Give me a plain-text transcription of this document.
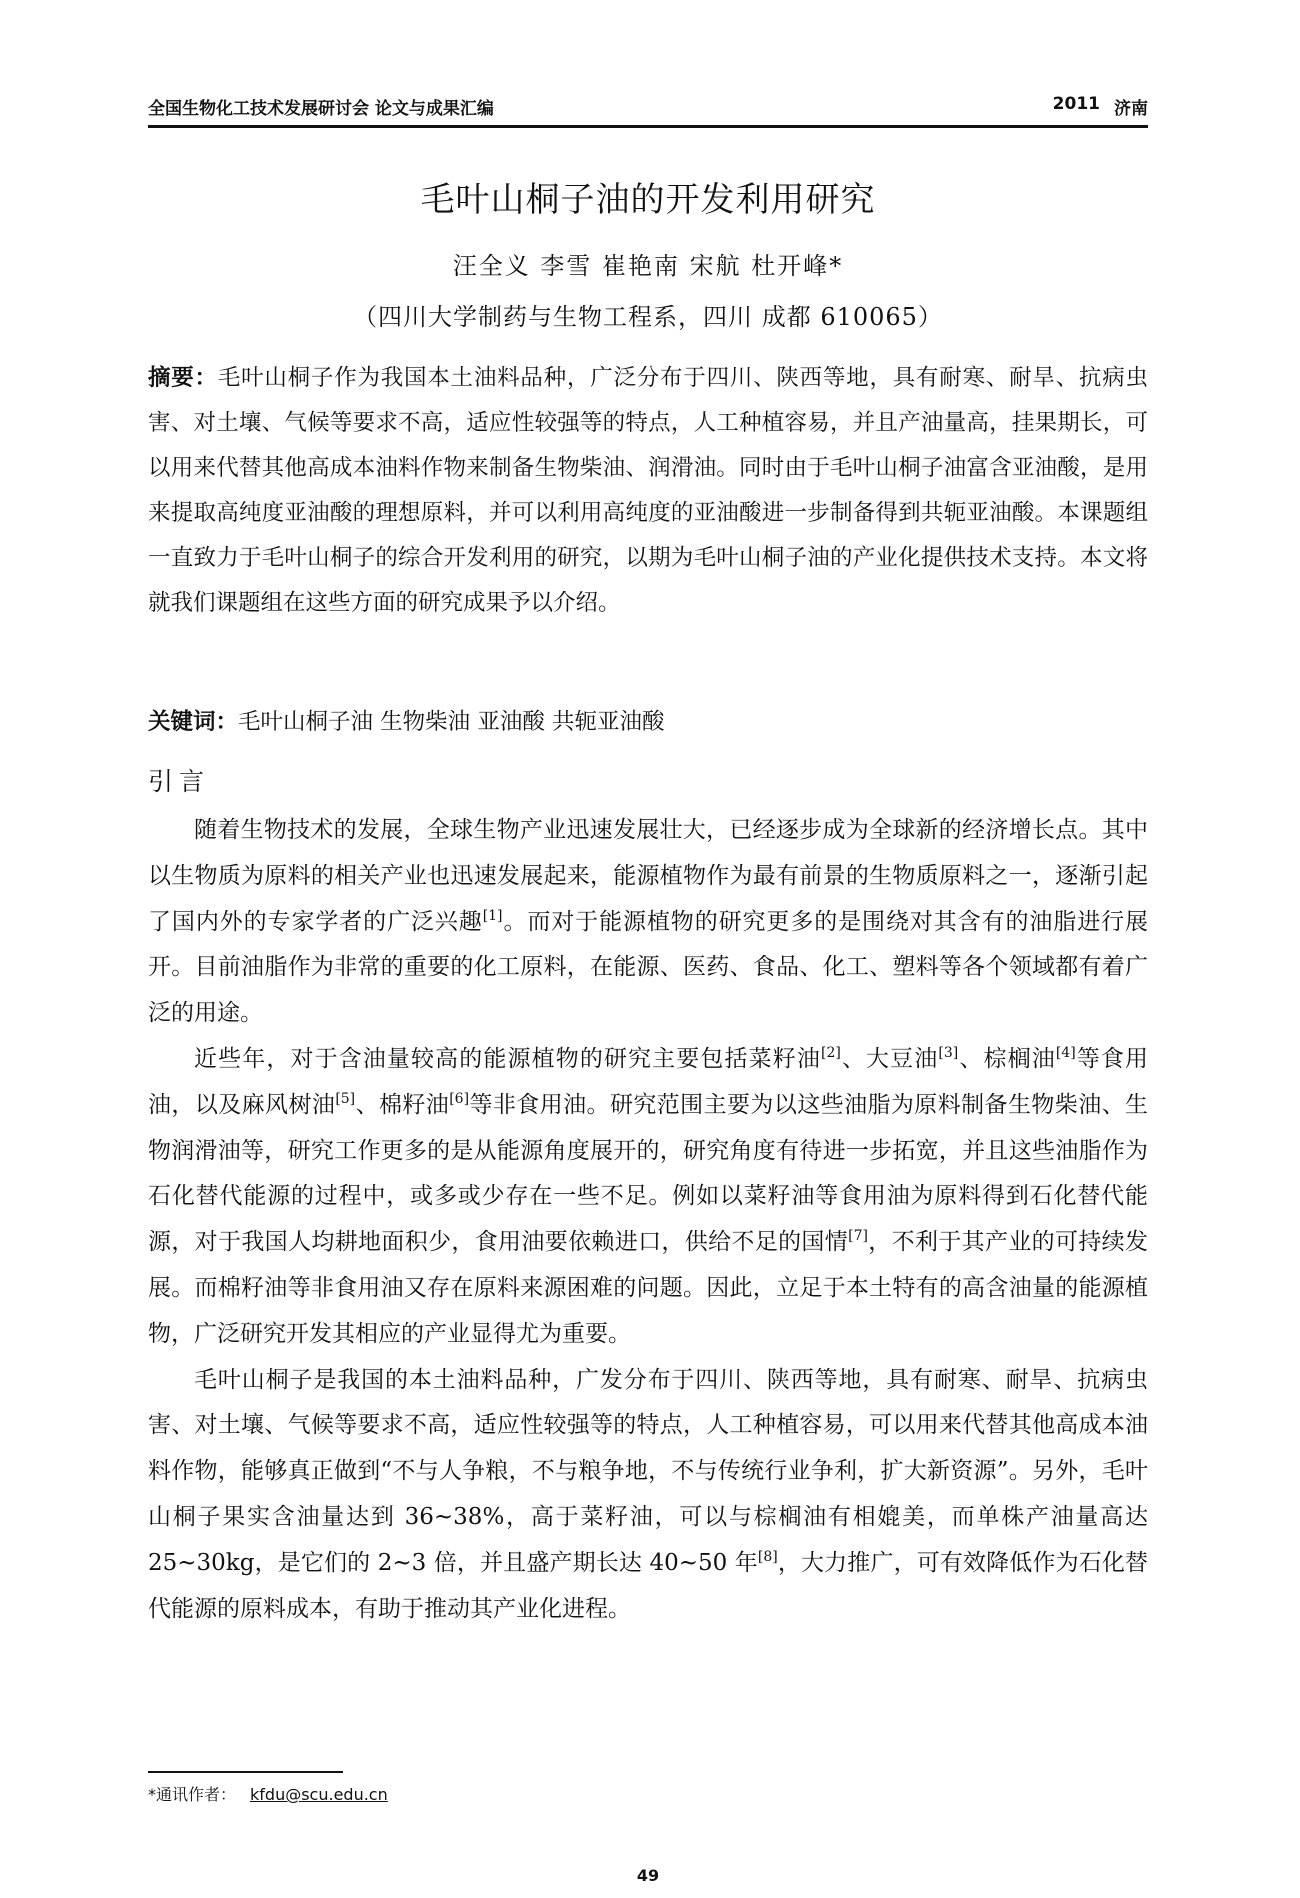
全国生物化工技术发展研讨会 论文与成果汇编	2011 济南
毛叶山桐子油的开发利用研究
汪全义 李雪 崔艳南 宋航 杜开峰*
（四川大学制药与生物工程系，四川 成都 610065）
摘要：毛叶山桐子作为我国本土油料品种，广泛分布于四川、陕西等地，具有耐寒、耐旱、抗病虫害、对土壤、气候等要求不高，适应性较强等的特点，人工种植容易，并且产油量高，挂果期长，可以用来代替其他高成本油料作物来制备生物柴油、润滑油。同时由于毛叶山桐子油富含亚油酸，是用来提取高纯度亚油酸的理想原料，并可以利用高纯度的亚油酸进一步制备得到共轭亚油酸。本课题组一直致力于毛叶山桐子的综合开发利用的研究，以期为毛叶山桐子油的产业化提供技术支持。本文将就我们课题组在这些方面的研究成果予以介绍。
关键词：毛叶山桐子油 生物柴油 亚油酸 共轭亚油酸
引言

随着生物技术的发展，全球生物产业迅速发展壮大，已经逐步成为全球新的经济增长点。其中以生物质为原料的相关产业也迅速发展起来，能源植物作为最有前景的生物质原料之一，逐渐引起了国内外的专家学者的广泛兴趣[1]。而对于能源植物的研究更多的是围绕对其含有的油脂进行展开。目前油脂作为非常的重要的化工原料，在能源、医药、食品、化工、塑料等各个领域都有着广泛的用途。

近些年，对于含油量较高的能源植物的研究主要包括菜籽油[2]、大豆油[3]、棕榈油[4]等食用油，以及麻风树油[5]、棉籽油[6]等非食用油。研究范围主要为以这些油脂为原料制备生物柴油、生物润滑油等，研究工作更多的是从能源角度展开的，研究角度有待进一步拓宽，并且这些油脂作为石化替代能源的过程中，或多或少存在一些不足。例如以菜籽油等食用油为原料得到石化替代能源，对于我国人均耕地面积少，食用油要依赖进口，供给不足的国情[7]，不利于其产业的可持续发展。而棉籽油等非食用油又存在原料来源困难的问题。因此，立足于本土特有的高含油量的能源植物，广泛研究开发其相应的产业显得尤为重要。

毛叶山桐子是我国的本土油料品种，广发分布于四川、陕西等地，具有耐寒、耐旱、抗病虫害、对土壤、气候等要求不高，适应性较强等的特点，人工种植容易，可以用来代替其他高成本油料作物，能够真正做到“不与人争粮，不与粮争地，不与传统行业争利，扩大新资源”。另外，毛叶山桐子果实含油量达到 36~38%，高于菜籽油，可以与棕榈油有相媲美，而单株产油量高达 25~30kg，是它们的 2~3 倍，并且盛产期长达 40~50 年[8]，大力推广，可有效降低作为石化替代能源的原料成本，有助于推动其产业化进程。

*通讯作者： kfdu@scu.edu.cn
49
